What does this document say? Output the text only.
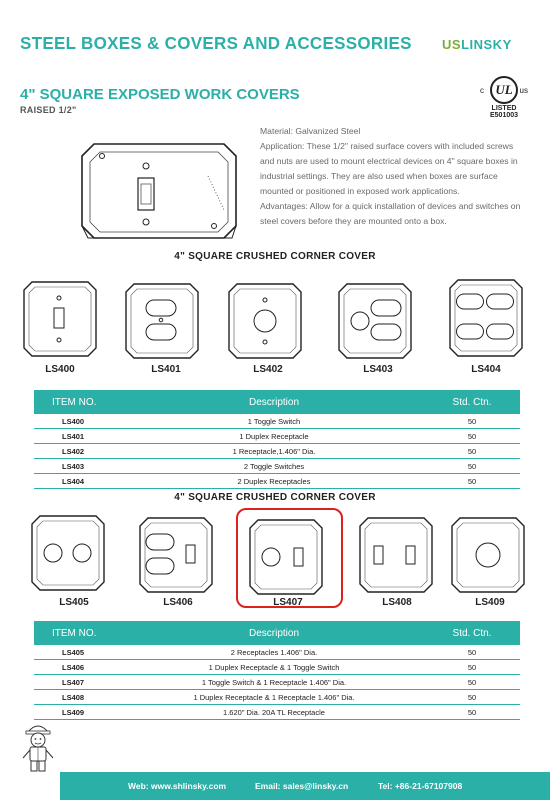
STEEL BOXES & COVERS AND ACCESSORIES USLINSKY
4" SQUARE EXPOSED WORK COVERS
RAISED 1/2"
c UL us
LISTED
E501003
Material: Galvanized Steel
Application: These 1/2" raised surface covers with included screws
and nuts are used to mount electrical devices on 4" square boxes in
industrial settings. They are also used when boxes are surface
mounted or positioned in exposed work applications.
Advantages: Allow for a quick installation of devices and switches on
steel covers before they are mounted onto a box.
4" SQUARE CRUSHED CORNER COVER
LS400	LS401	LS402	LS403	LS404
ITEM NO.	Description	Std. Ctn.
LS400	1 Toggle Switch	50
LS401	1 Duplex Receptacle	50
LS402	1 Receptacle,1.406" Dia.	50
LS403	2 Toggle Switches	50
LS404	2 Duplex Receptacles	50
4" SQUARE CRUSHED CORNER COVER
LS405	LS406	LS407	LS408	LS409
ITEM NO.	Description	Std. Ctn.
LS405	2 Receptacles 1.406" Dia.	50
LS406	1 Duplex Receptacle & 1 Toggle Switch	50
LS407	1 Toggle Switch & 1 Receptacle 1.406" Dia.	50
LS408	1 Duplex Receptacle & 1 Receptacle 1.406" Dia.	50
LS409	1.620" Dia. 20A TL Receptacle	50
Web: www.shlinsky.com	Email: sales@linsky.cn	Tel: +86-21-67107908
